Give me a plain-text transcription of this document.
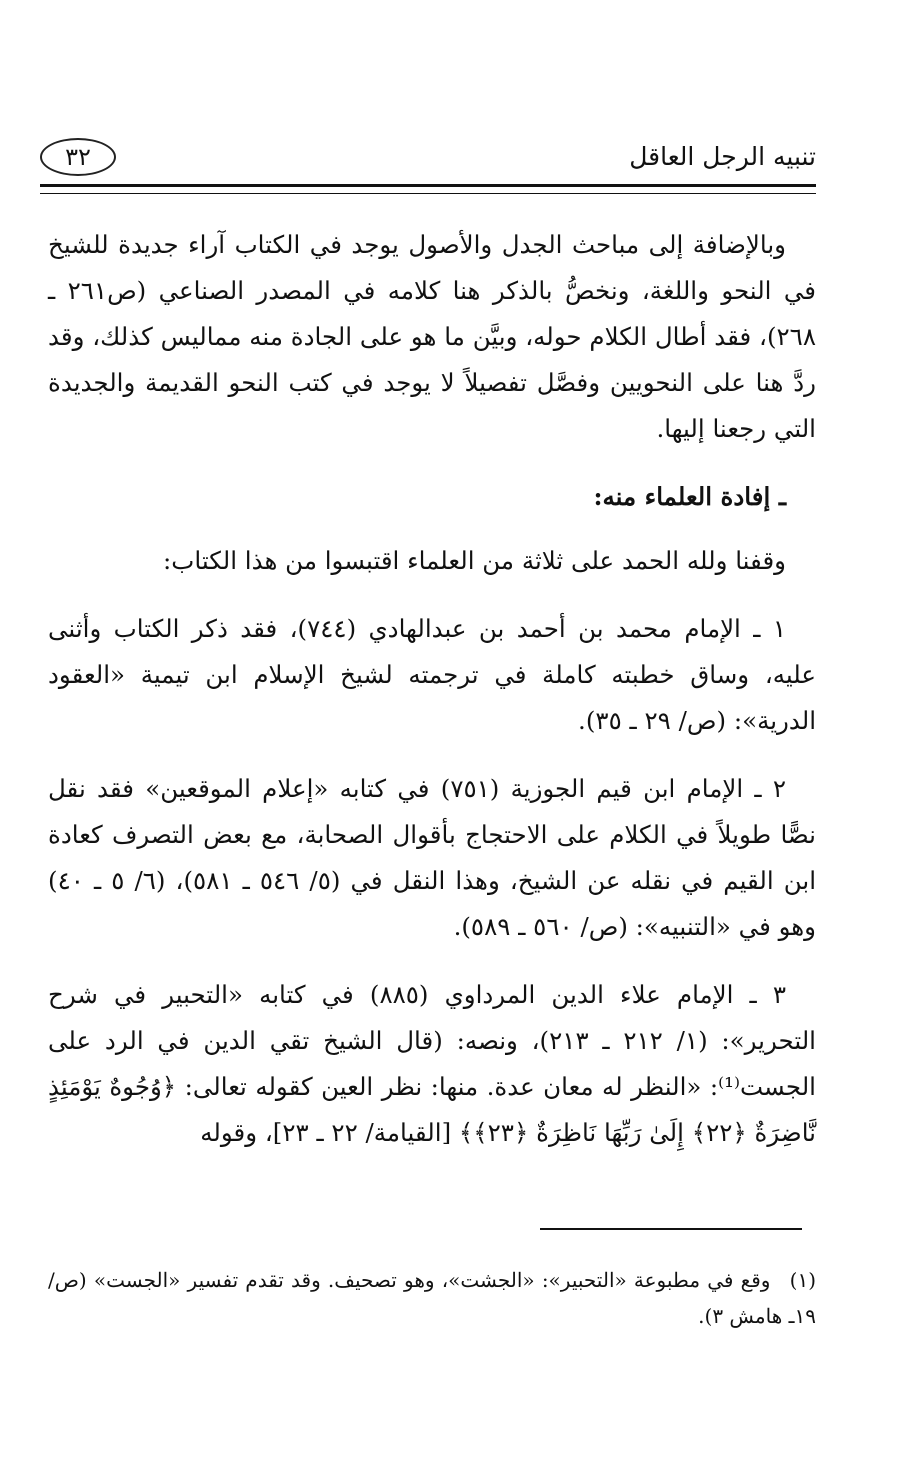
تنبيه الرجل العاقل
٣٢

وبالإضافة إلى مباحث الجدل والأصول يوجد في الكتاب آراء جديدة للشيخ في النحو واللغة، ونخصُّ بالذكر هنا كلامه في المصدر الصناعي (ص٢٦١ ـ ٢٦٨)، فقد أطال الكلام حوله، وبيَّن ما هو على الجادة منه مماليس كذلك، وقد ردَّ هنا على النحويين وفصَّل تفصيلاً لا يوجد في كتب النحو القديمة والجديدة التي رجعنا إليها.

ـ إفادة العلماء منه:

وقفنا ولله الحمد على ثلاثة من العلماء اقتبسوا من هذا الكتاب:

١ ـ الإمام محمد بن أحمد بن عبدالهادي (٧٤٤)، فقد ذكر الكتاب وأثنى عليه، وساق خطبته كاملة في ترجمته لشيخ الإسلام ابن تيمية «العقود الدرية»: (ص/ ٢٩ ـ ٣٥).

٢ ـ الإمام ابن قيم الجوزية (٧٥١) في كتابه «إعلام الموقعين» فقد نقل نصًّا طويلاً في الكلام على الاحتجاج بأقوال الصحابة، مع بعض التصرف كعادة ابن القيم في نقله عن الشيخ، وهذا النقل في (٥/ ٥٤٦ ـ ٥٨١)، (٦/ ٥ ـ ٤٠) وهو في «التنبيه»: (ص/ ٥٦٠ ـ ٥٨٩).

٣ ـ الإمام علاء الدين المرداوي (٨٨٥) في كتابه «التحبير في شرح التحرير»: (١/ ٢١٢ ـ ٢١٣)، ونصه: (قال الشيخ تقي الدين في الرد على الجست⁽¹⁾: «النظر له معان عدة. منها: نظر العين كقوله تعالى: ﴿وُجُوهٌ يَوْمَئِذٍ نَّاضِرَةٌ ﴿٢٢﴾ إِلَىٰ رَبِّهَا نَاظِرَةٌ ﴿٢٣﴾﴾ [القيامة/ ٢٢ ـ ٢٣]، وقوله

(١) وقع في مطبوعة «التحبير»: «الجشت»، وهو تصحيف. وقد تقدم تفسير «الجست» (ص/ ١٩ـ هامش ٣).
